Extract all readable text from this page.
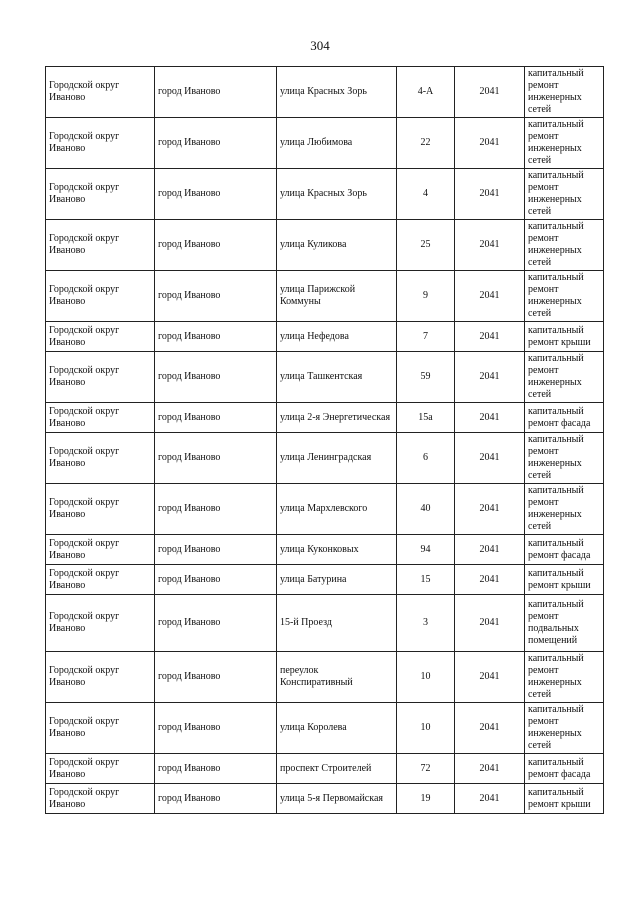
304
Городской округ Иваново	город Иваново	улица Красных Зорь	4-А	2041	капитальный ремонт инженерных сетей
Городской округ Иваново	город Иваново	улица Любимова	22	2041	капитальный ремонт инженерных сетей
Городской округ Иваново	город Иваново	улица Красных Зорь	4	2041	капитальный ремонт инженерных сетей
Городской округ Иваново	город Иваново	улица Куликова	25	2041	капитальный ремонт инженерных сетей
Городской округ Иваново	город Иваново	улица Парижской Коммуны	9	2041	капитальный ремонт инженерных сетей
Городской округ Иваново	город Иваново	улица Нефедова	7	2041	капитальный ремонт крыши
Городской округ Иваново	город Иваново	улица Ташкентская	59	2041	капитальный ремонт инженерных сетей
Городской округ Иваново	город Иваново	улица 2-я Энергетическая	15а	2041	капитальный ремонт фасада
Городской округ Иваново	город Иваново	улица Ленинградская	6	2041	капитальный ремонт инженерных сетей
Городской округ Иваново	город Иваново	улица Мархлевского	40	2041	капитальный ремонт инженерных сетей
Городской округ Иваново	город Иваново	улица Куконковых	94	2041	капитальный ремонт фасада
Городской округ Иваново	город Иваново	улица Батурина	15	2041	капитальный ремонт крыши
Городской округ Иваново	город Иваново	15-й Проезд	3	2041	капитальный ремонт подвальных помещений
Городской округ Иваново	город Иваново	переулок Конспиративный	10	2041	капитальный ремонт инженерных сетей
Городской округ Иваново	город Иваново	улица Королева	10	2041	капитальный ремонт инженерных сетей
Городской округ Иваново	город Иваново	проспект Строителей	72	2041	капитальный ремонт фасада
Городской округ Иваново	город Иваново	улица 5-я Первомайская	19	2041	капитальный ремонт крыши
